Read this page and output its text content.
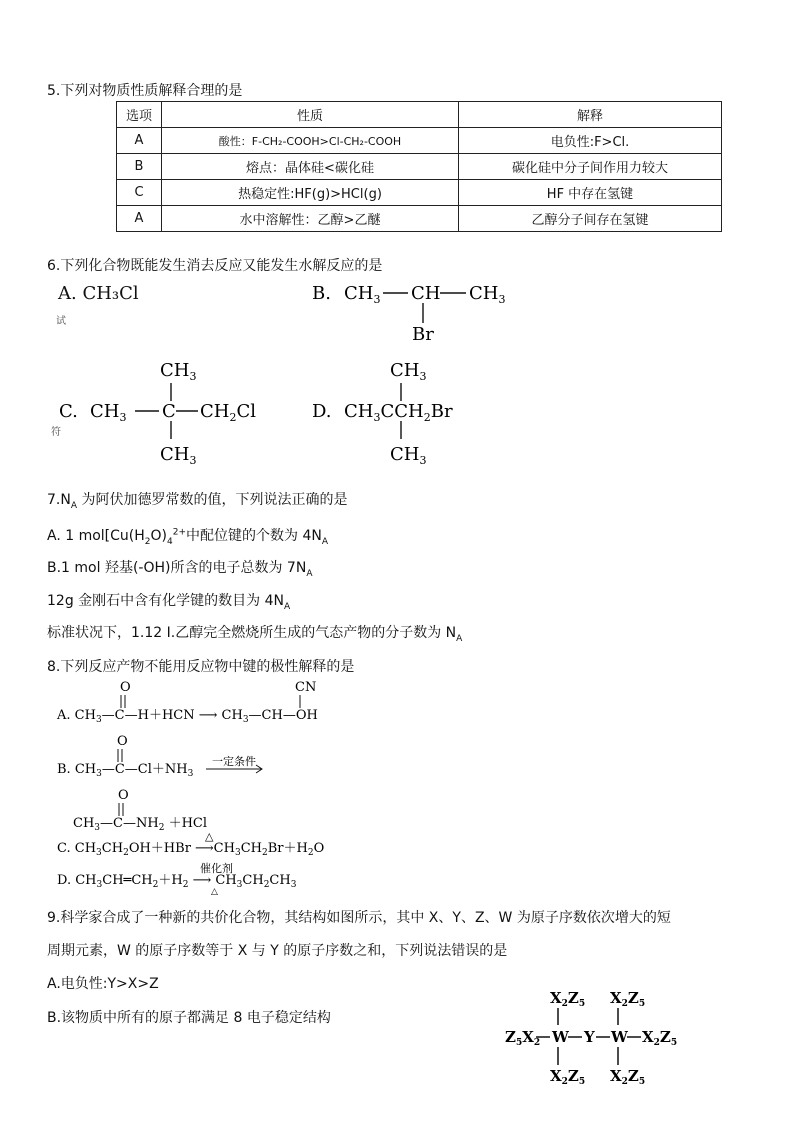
5.下列对物质性质解释合理的是
选项	性质	解释
A	酸性：F-CH₂-COOH>Cl-CH₂-COOH	电负性:F>Cl.
B	熔点：晶体硅<碳化硅	碳化硅中分子间作用力较大
C	热稳定性:HF(g)>HCl(g)	HF 中存在氢键
A	水中溶解性：乙醇>乙醚	乙醇分子间存在氢键
6.下列化合物既能发生消去反应又能发生水解反应的是
A. CH₃Cl
试
符
B. $CH_3$ CH $CH_3$
Br
C.
$CH_3$
$CH_3$ C $CH_2Cl$
$CH_3$
D.
$CH_3$
$CH_3CCH_2Br$
$CH_3$
$7.N_A$ 为阿伏加德罗常数的值，下列说法正确的是
A. 1 $mol[Cu(H_2O)_4^{2+}$中配位键的个数为 $4N_A$
B.1 mol 羟基(-OH)所含的电子总数为 $7N_A$
12g 金刚石中含有化学键的数目为 $4N_A$
标准状况下，1.12 I.乙醇完全燃烧所生成的气态产物的分子数为 $N_A$
8.下列反应产物不能用反应物中键的极性解释的是
O	CN
A. $CH_3—C—H+HCN$ ⟶ $CH_3—CH—OH$
O
B. $CH_3—C—Cl+NH_3$
一定条件
O
$CH_3—C—NH_2 +HCl$
△
C. $CH_3CH_2OH+HBr$ $⟶CH_3CH_2Br+H_2O$
催化剂
D. $CH_3CH═CH_2+H_2$ ⟶ $CH_3CH_2CH_3$
△
9.科学家合成了一种新的共价化合物，其结构如图所示，其中 X、Y、Z、W 为原子序数依次增大的短
周期元素，W 的原子序数等于 X 与 Y 的原子序数之和，下列说法错误的是
A.电负性:Y>X>Z
B.该物质中所有的原子都满足 8 电子稳定结构
$X_2Z_5$ $X_2Z_5$
$Z_5X_2$ W Y W $X_2Z_5$
$X_2Z_5$ $X_2Z_5$
